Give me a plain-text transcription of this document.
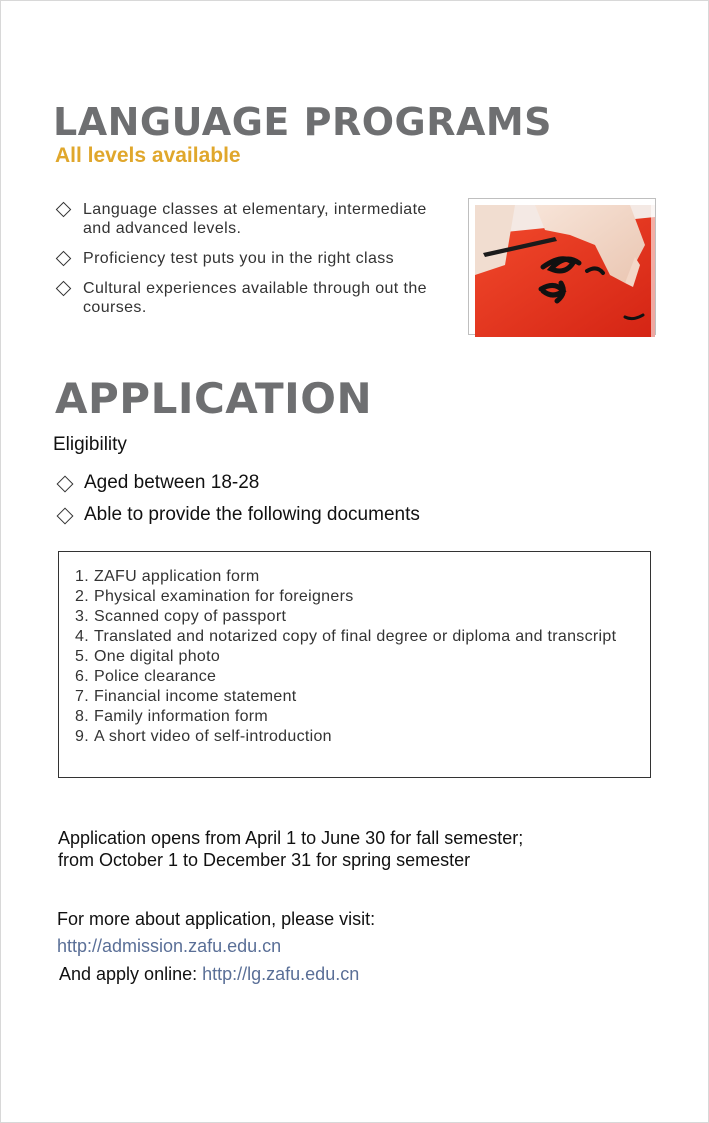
LANGUAGE PROGRAMS
All levels available
Language classes at elementary, intermediate and advanced levels.
Proficiency test puts you in the right class
Cultural experiences available through out the courses.
APPLICATION
Eligibility
Aged between 18-28
Able to provide the following documents
1. ZAFU application form
2. Physical examination for foreigners
3. Scanned copy of passport
4. Translated and notarized copy of final degree or diploma and transcript
5. One digital photo
6. Police clearance
7. Financial income statement
8. Family information form
9. A short video of self-introduction
Application opens from April 1 to June 30 for fall semester;
from October 1 to December 31 for spring semester
For more about application, please visit:
http://admission.zafu.edu.cn
And apply online: http://lg.zafu.edu.cn
